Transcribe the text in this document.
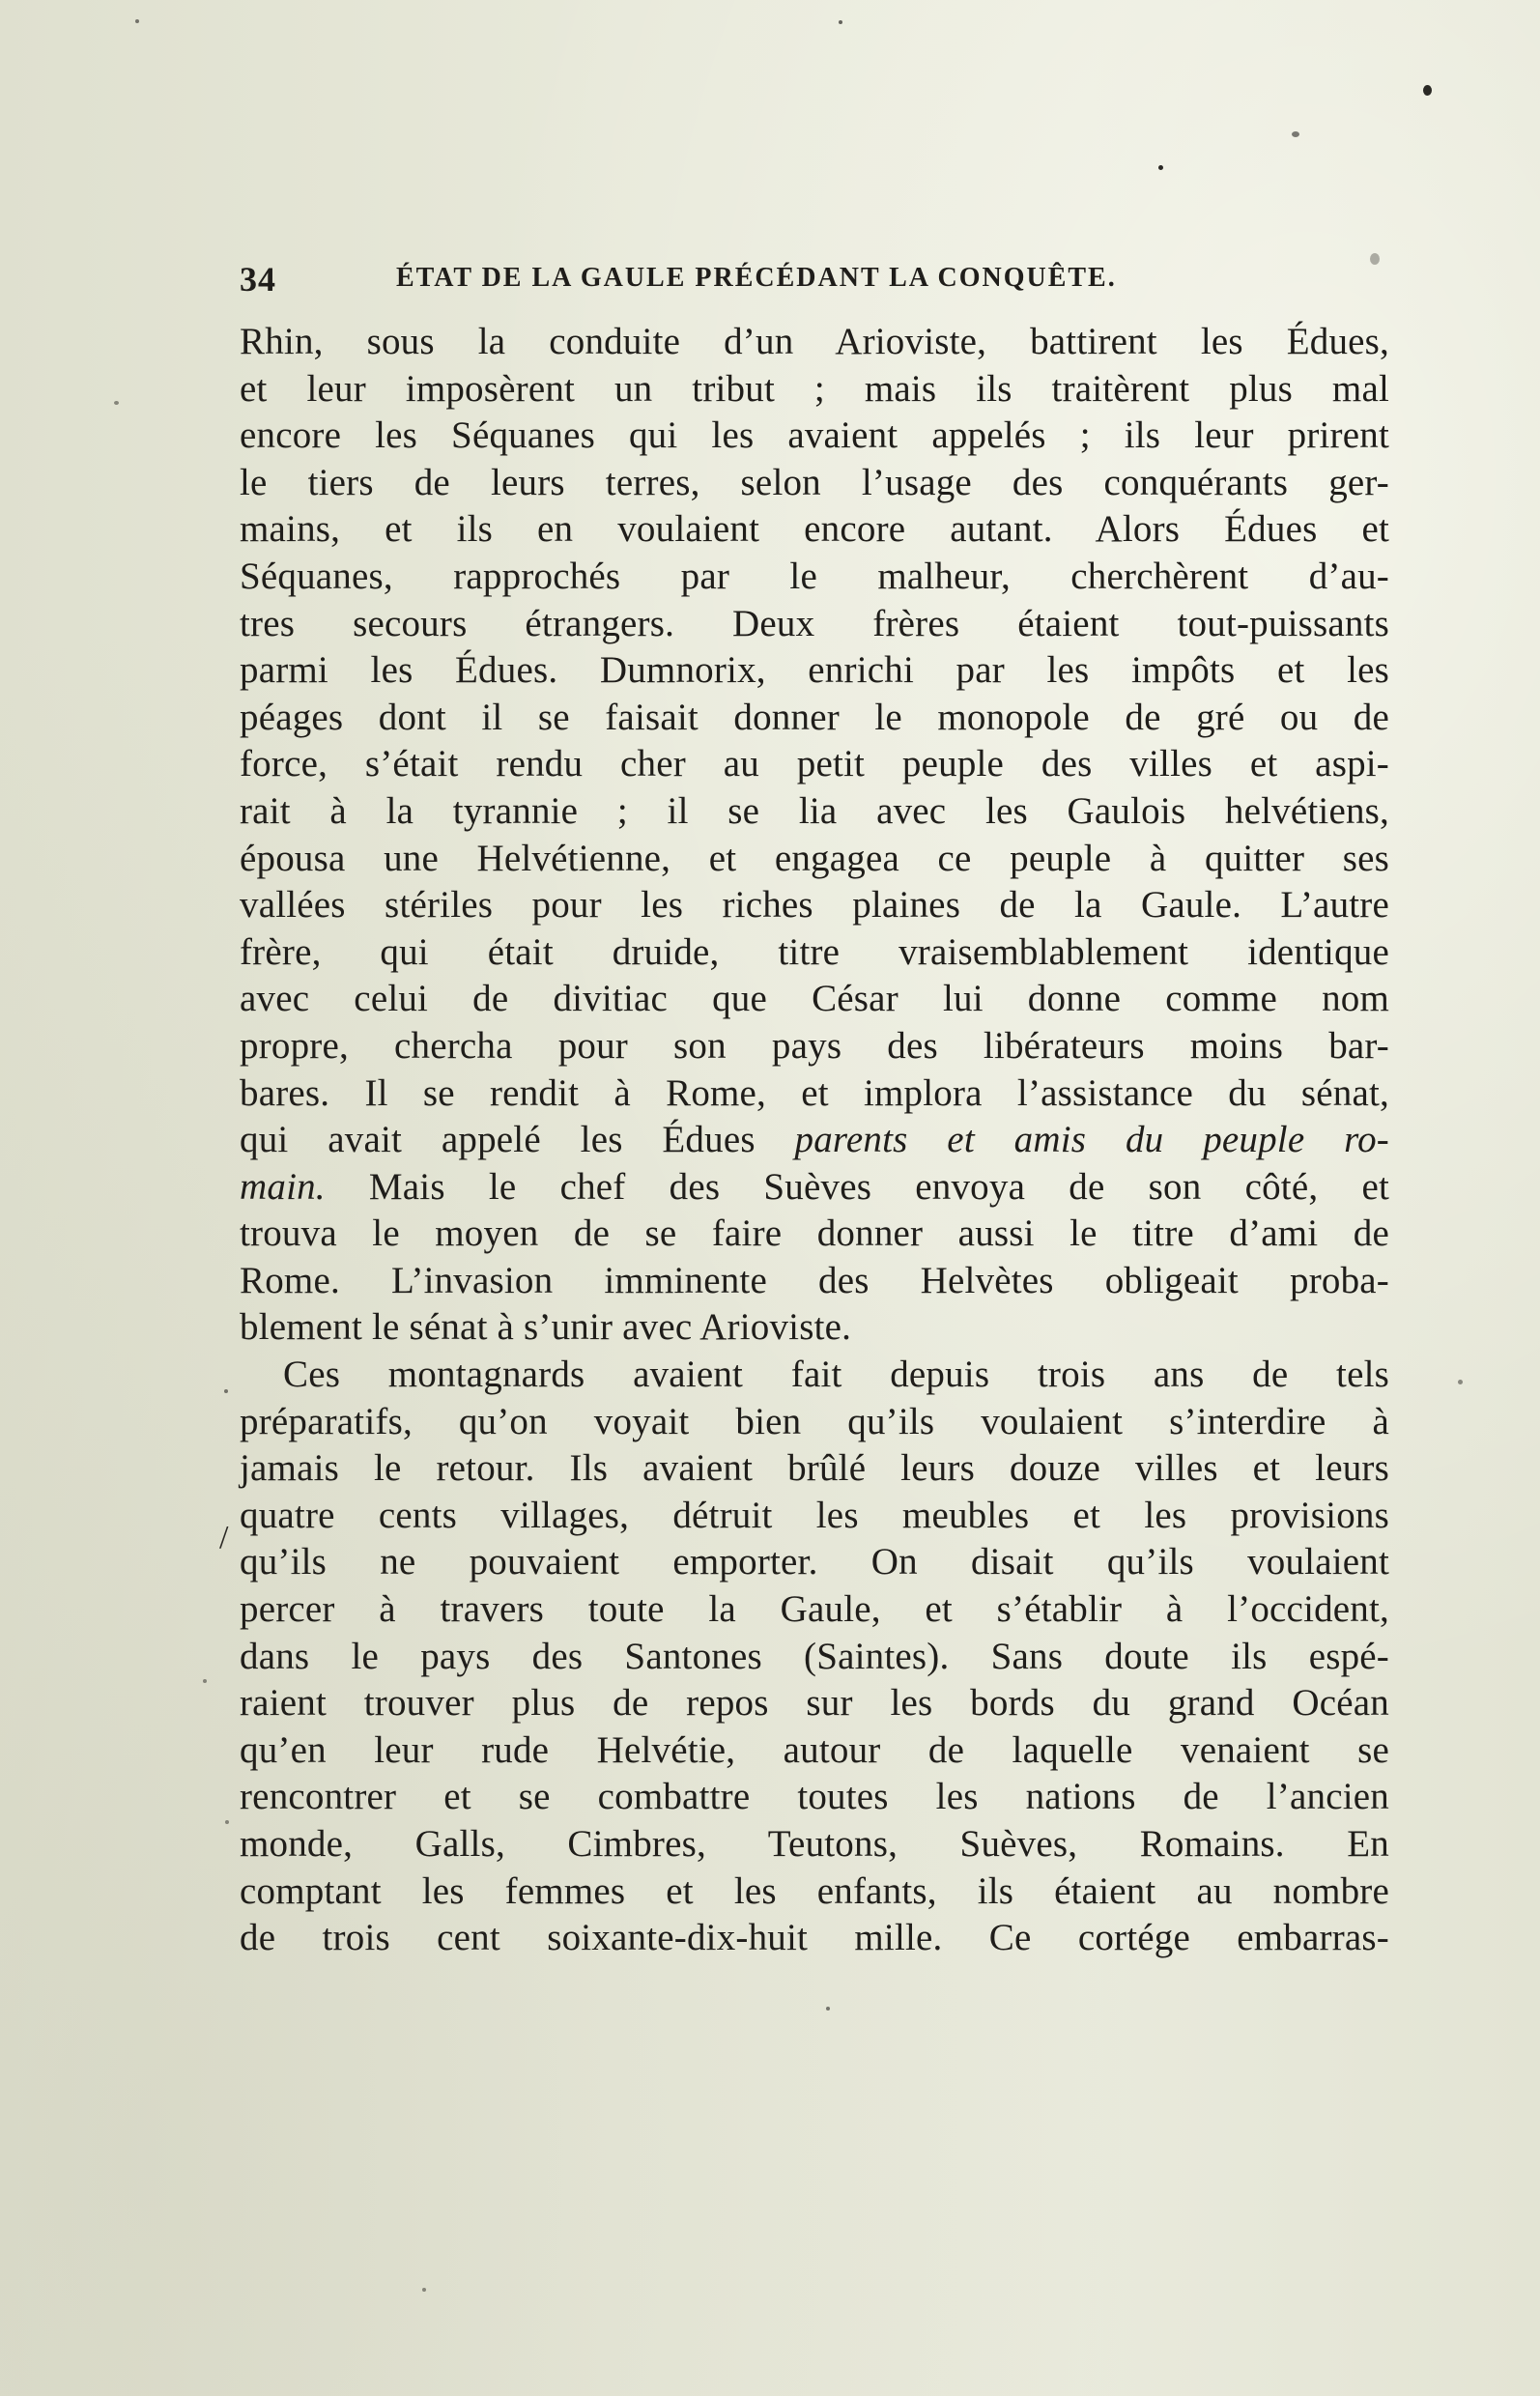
34	ÉTAT DE LA GAULE PRÉCÉDANT LA CONQUÊTE.
Rhin, sous la conduite d’un Arioviste, battirent les Édues,
et leur imposèrent un tribut ; mais ils traitèrent plus mal
encore les Séquanes qui les avaient appelés ; ils leur prirent
le tiers de leurs terres, selon l’usage des conquérants ger-
mains, et ils en voulaient encore autant. Alors Édues et
Séquanes, rapprochés par le malheur, cherchèrent d’au-
tres secours étrangers. Deux frères étaient tout-puissants
parmi les Édues. Dumnorix, enrichi par les impôts et les
péages dont il se faisait donner le monopole de gré ou de
force, s’était rendu cher au petit peuple des villes et aspi-
rait à la tyrannie ; il se lia avec les Gaulois helvétiens,
épousa une Helvétienne, et engagea ce peuple à quitter ses
vallées stériles pour les riches plaines de la Gaule. L’autre
frère, qui était druide, titre vraisemblablement identique
avec celui de divitiac que César lui donne comme nom
propre, chercha pour son pays des libérateurs moins bar-
bares. Il se rendit à Rome, et implora l’assistance du sénat,
qui avait appelé les Édues parents et amis du peuple ro-
main. Mais le chef des Suèves envoya de son côté, et
trouva le moyen de se faire donner aussi le titre d’ami de
Rome. L’invasion imminente des Helvètes obligeait proba-
blement le sénat à s’unir avec Arioviste.
Ces montagnards avaient fait depuis trois ans de tels
préparatifs, qu’on voyait bien qu’ils voulaient s’interdire à
jamais le retour. Ils avaient brûlé leurs douze villes et leurs
quatre cents villages, détruit les meubles et les provisions
qu’ils ne pouvaient emporter. On disait qu’ils voulaient
percer à travers toute la Gaule, et s’établir à l’occident,
dans le pays des Santones (Saintes). Sans doute ils espé-
raient trouver plus de repos sur les bords du grand Océan
qu’en leur rude Helvétie, autour de laquelle venaient se
rencontrer et se combattre toutes les nations de l’ancien
monde, Galls, Cimbres, Teutons, Suèves, Romains. En
comptant les femmes et les enfants, ils étaient au nombre
de trois cent soixante-dix-huit mille. Ce cortége embarras-
/
